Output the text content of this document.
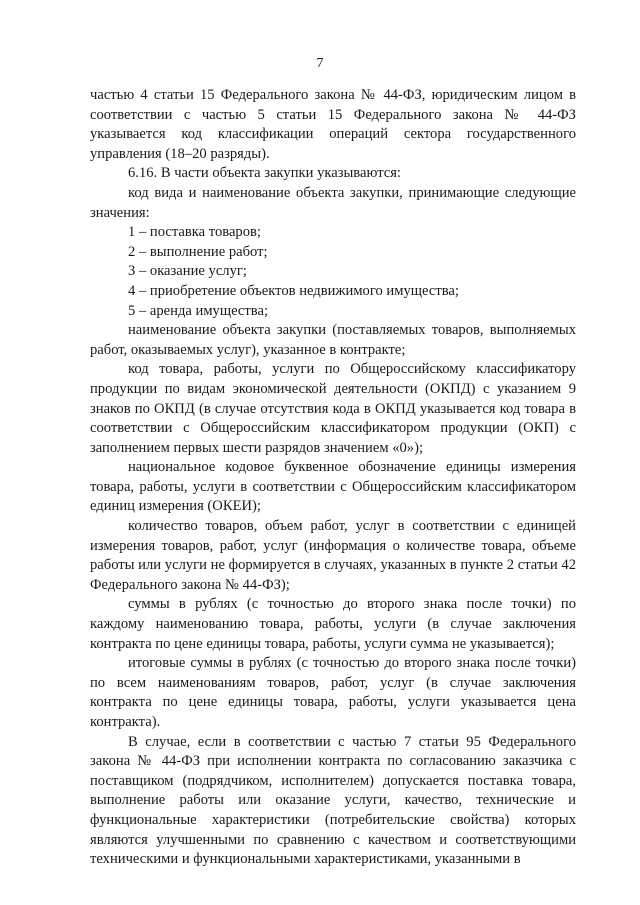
7

частью 4 статьи 15 Федерального закона № 44-ФЗ, юридическим лицом в соответствии с частью 5 статьи 15 Федерального закона № 44-ФЗ указывается код классификации операций сектора государственного управления (18–20 разряды).

6.16. В части объекта закупки указываются:

код вида и наименование объекта закупки, принимающие следующие значения:

1 – поставка товаров;

2 – выполнение работ;

3 – оказание услуг;

4 – приобретение объектов недвижимого имущества;

5 – аренда имущества;

наименование объекта закупки (поставляемых товаров, выполняемых работ, оказываемых услуг), указанное в контракте;

код товара, работы, услуги по Общероссийскому классификатору продукции по видам экономической деятельности (ОКПД) с указанием 9 знаков по ОКПД (в случае отсутствия кода в ОКПД указывается код товара в соответствии с Общероссийским классификатором продукции (ОКП) с заполнением первых шести разрядов значением «0»);

национальное кодовое буквенное обозначение единицы измерения товара, работы, услуги в соответствии с Общероссийским классификатором единиц измерения (ОКЕИ);

количество товаров, объем работ, услуг в соответствии с единицей измерения товаров, работ, услуг (информация о количестве товара, объеме работы или услуги не формируется в случаях, указанных в пункте 2 статьи 42 Федерального закона № 44-ФЗ);

суммы в рублях (с точностью до второго знака после точки) по каждому наименованию товара, работы, услуги (в случае заключения контракта по цене единицы товара, работы, услуги сумма не указывается);

итоговые суммы в рублях (с точностью до второго знака после точки) по всем наименованиям товаров, работ, услуг (в случае заключения контракта по цене единицы товара, работы, услуги указывается цена контракта).

В случае, если в соответствии с частью 7 статьи 95 Федерального закона № 44-ФЗ при исполнении контракта по согласованию заказчика с поставщиком (подрядчиком, исполнителем) допускается поставка товара, выполнение работы или оказание услуги, качество, технические и функциональные характеристики (потребительские свойства) которых являются улучшенными по сравнению с качеством и соответствующими техническими и функциональными характеристиками, указанными в
